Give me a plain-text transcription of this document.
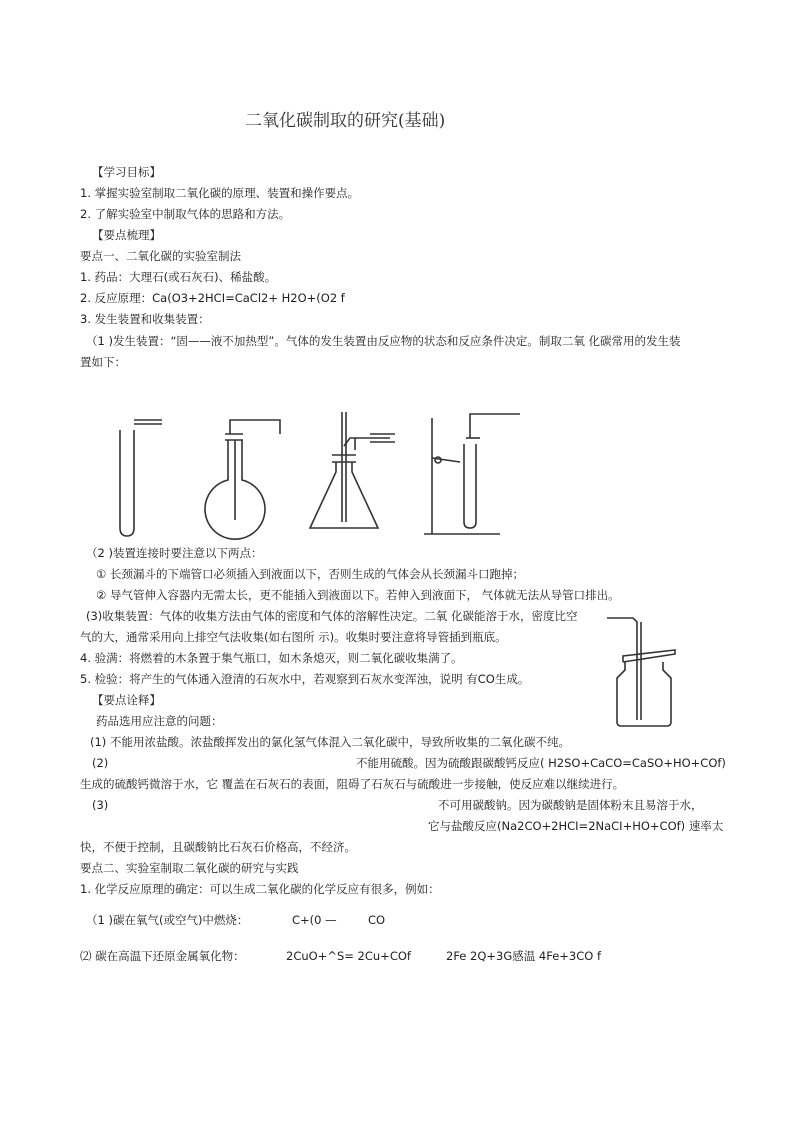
二氧化碳制取的研究(基础)
【学习目标】
1. 掌握实验室制取二氧化碳的原理、装置和操作要点。
2. 了解实验室中制取气体的思路和方法。
【要点梳理】
要点一、二氧化碳的实验室制法
1. 药品：大理石(或石灰石)、稀盐酸。
2. 反应原理：Ca(O3+2HCI=CaCl2+ H2O+(O2 f
3. 发生装置和收集装置：
（1 )发生装置：“固——液不加热型”。气体的发生装置由反应物的状态和反应条件决定。制取二氧 化碳常用的发生装
置如下：
（2 )装置连接时要注意以下两点：
① 长颈漏斗的下端管口必须插入到液面以下，否则生成的气体会从长颈漏斗口跑掉；
② 导气管伸入容器内无需太长，更不能插入到液面以下。若伸入到液面下， 气体就无法从导管口排出。
(3)收集装置：气体的收集方法由气体的密度和气体的溶解性决定。二氧 化碳能溶于水，密度比空
气的大，通常采用向上排空气法收集(如右图所 示)。收集时要注意将导管插到瓶底。
4. 验满：将燃着的木条置于集气瓶口，如木条熄灭，则二氧化碳收集满了。
5. 检验：将产生的气体通入澄清的石灰水中，若观察到石灰水变浑浊，说明 有CO生成。
【要点诠释】
药品选用应注意的问题：
(1) 不能用浓盐酸。浓盐酸挥发出的氯化氢气体混入二氧化碳中，导致所收集的二氧化碳不纯。
(2)	不能用硫酸。因为硫酸跟碳酸钙反应( H2SO+CaCO=CaSO+HO+COf)
生成的硫酸钙微溶于水，它 覆盖在石灰石的表面，阻碍了石灰石与硫酸进一步接触，使反应难以继续进行。
(3)	不可用碳酸钠。因为碳酸钠是固体粉末且易溶于水，
它与盐酸反应(Na2CO+2HCI=2NaCI+HO+COf) 速率太
快，不便于控制，且碳酸钠比石灰石价格高，不经济。
要点二、实验室制取二氧化碳的研究与实践
1. 化学反应原理的确定：可以生成二氧化碳的化学反应有很多，例如：
（1 )碳在氧气(或空气)中燃烧：	C+(0 —	CO
⑵ 碳在高温下还原金属氧化物：	2CuO+^S= 2Cu+COf	2Fe 2Q+3G感温 4Fe+3CO f
